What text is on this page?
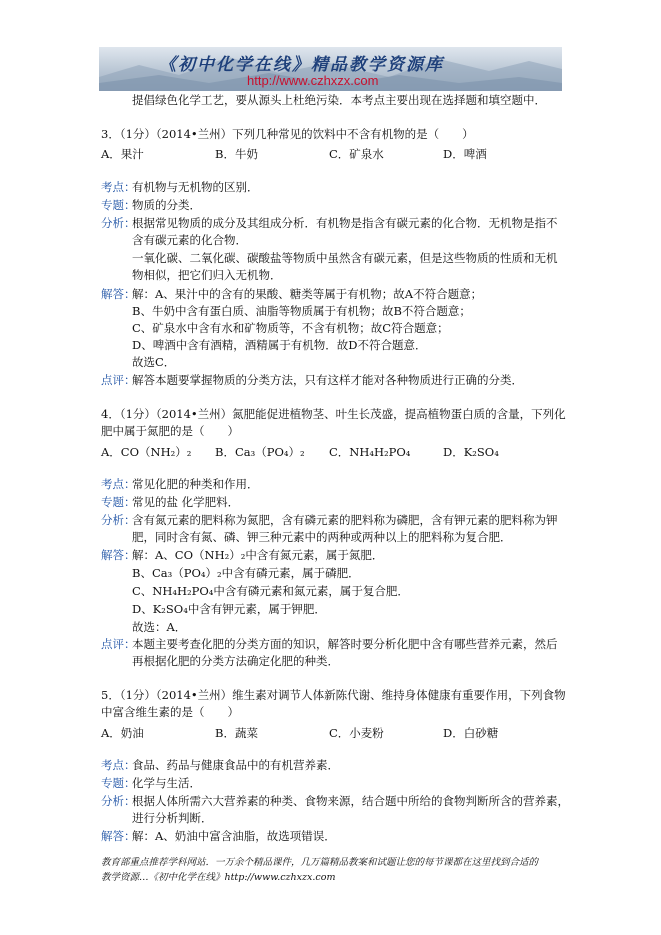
《初中化学在线》精品教学资源库
http://www.czhxzx.com
提倡绿色化学工艺，要从源头上杜绝污染．本考点主要出现在选择题和填空题中．
3．（1分）（2014•兰州）下列几种常见的饮料中不含有机物的是（　　）
A．果汁	B．牛奶	C．矿泉水	D．啤酒
考点：
有机物与无机物的区别．
专题：
物质的分类．
分析：
根据常见物质的成分及其组成分析．有机物是指含有碳元素的化合物．无机物是指不
含有碳元素的化合物．
一氧化碳、二氧化碳、碳酸盐等物质中虽然含有碳元素，但是这些物质的性质和无机
物相似，把它们归入无机物．
解答：
解：A、果汁中的含有的果酸、糖类等属于有机物；故A不符合题意；
B、牛奶中含有蛋白质、油脂等物质属于有机物；故B不符合题意；
C、矿泉水中含有水和矿物质等，不含有机物；故C符合题意；
D、啤酒中含有酒精，酒精属于有机物．故D不符合题意．
故选C．
点评：
解答本题要掌握物质的分类方法，只有这样才能对各种物质进行正确的分类．
4．（1分）（2014•兰州）氮肥能促进植物茎、叶生长茂盛，提高植物蛋白质的含量，下列化
肥中属于氮肥的是（　　）
A．CO（NH₂）₂ B．Ca₃（PO₄）₂ C．NH₄H₂PO₄	D．K₂SO₄
考点：
常见化肥的种类和作用．
专题：
常见的盐 化学肥料．
分析：
含有氮元素的肥料称为氮肥，含有磷元素的肥料称为磷肥，含有钾元素的肥料称为钾
肥，同时含有氮、磷、钾三种元素中的两种或两种以上的肥料称为复合肥．
解答：
解：A、CO（NH₂）₂中含有氮元素，属于氮肥．
B、Ca₃（PO₄）₂中含有磷元素，属于磷肥．
C、NH₄H₂PO₄中含有磷元素和氮元素，属于复合肥．
D、K₂SO₄中含有钾元素，属于钾肥．
故选：A．
点评：
本题主要考查化肥的分类方面的知识，解答时要分析化肥中含有哪些营养元素，然后
再根据化肥的分类方法确定化肥的种类．
5．（1分）（2014•兰州）维生素对调节人体新陈代谢、维持身体健康有重要作用，下列食物
中富含维生素的是（　　）
A．奶油	B．蔬菜	C．小麦粉	D．白砂糖
考点：
食品、药品与健康食品中的有机营养素．
专题：
化学与生活．
分析：
根据人体所需六大营养素的种类、食物来源，结合题中所给的食物判断所含的营养素，
进行分析判断．
解答：
解：A、奶油中富含油脂，故选项错误．
教育部重点推荐学科网站．一万余个精品课件，几万篇精品教案和试题让您的每节课都在这里找到合适的
教学资源…《初中化学在线》http://www.czhxzx.com
